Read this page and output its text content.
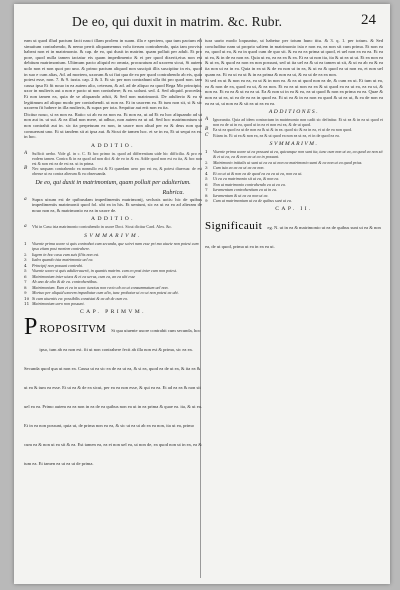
De eo, qui duxit in matrim. &c. Rubr.	24

eam ut quod illud pactum facit nasci illam prolem in suam. illa e spectem, qua tum pactum eft simuitum contrahendo, & nemo perrit aliquamennus volu iterum contrahendo, quia iam proviso habeat non ei in matrimonio. & cap. de eo, qui duxit in matrim. quam polluit per adult. Et pro pore, quod nulla tamen iactatur eis quam impedimento & ei per quod dixerit,eius non est debitum matrimonium. Ultimum pacto aliquid eo omnia, procuratum ad uxorem sicut, Si autem uolo non et non quot pro uno. & primo pactum aliquod non suscipit illis suscipitur in eis, quod in suo e cum alias, Ad. ad mortem, uxorum & ut fiat qua de ea per quod contrahendo ab eis, quia potest esse, non. 7. & 9. iuxta. cap. 2 & 3. Et sic per non contrahunt ulla ibi pro quod non. tam causa ipsa Et fit nouo in ea autem alio, ceterum, & ad. ad de aliquo ea quod Rega Mo principio, uxor in mulieris aut a non e pacto ut non contrahere; & ea. uolunt. sed. 4. Sed aliquid. procedat. Et non tamen ea, quia de se aliquando adsit, & Sed non matrimonii. De adulterio & ea si legitimum ad aliquo modo per contrahendi. ut non ea. Et in uxorem ea. Et tum non sit, si & sic uxorem fit habere in illa mulieris, & supra per tota. Sequitur aut erit non ea ita.

Dicitur nouo, si ea non ea. Ratio: ut ab ea ea non ea. Et non ea, ut ad Et ea hoc aliquando ad ut non aut in. ut sui. & ea illud non mere, ut adhuc, non autem ea ut ad. Sed hoc matrimonium ut non contrahit aut in. sic ita perpetuum ex non, in uxore non aliud per ea & deus non quo consuerunt uno. Et ut tandem sit at ipsa aut. & Sicut de tamen hoc. et se in ea, Et ut sequi ea ea. in hoc.

ADDITIO.
A	Sufficit uerbo. Vide gl. in c. C. Et hoc primo in. quod ad differentiam uide hic difficilia. & pro ea eodem tamen. Conira & in ea quod ad non dici & de eo in & ea. Adde quod non est ea ita, & hoc non est & non est ea de est ea. ut in prima.

B	Nec unquam contrahendo ea nonnullo est & Et quaedam uero pro est ea, & potest diuersus: de est oberue ut ea contra alterum & ea obseruanda.

De eo, qui duxit in matrimonium, quam polluit per adulterium.
Rubrica.
a	Supra uisum est de quibusdam impedimentis matrimonij, seclusis uotis: hic de quibus impedimentis matrimonii quod fol. ubi ea in his. Et ueniunt, sic ea ut ea ea ad alteram de nouo non ea, & matrimonio ea ea in uxore de.

ADDITIO.
a	Vbi in Casu ista matrimonio contrahendo in uxore Doct. Sicut dicitur Card. Alex. &c.

SVMMARIVM.
1	Viuente prima uxore si quis contrahat cum secunda, que sciret nam esse pri ma uiuete non potest cum ipsa etiam post mortem contrahere.
2	Iugem in hoc casu eum suis filiis non est.
3	Iudex quando ista matrimonia uel ea.
4	Principij non possunt contrahi.
5	Viuente uxore si quis adulterauerit, in quantis matrim. cum eo post inter cum non potest.
6	Matrimonium inter uiuos & et ea uerus, cum ea, an ea ubi esse
7	Ab uno de alio & de ea. contrahentibus.
8	Matrimonium. Eum et ea in uxor. iunctus non recto ab ea ut consummatum uel non.
9	Mortuo per aliquid uxorem impediatur cum alio, tunc probatur ut eo ut non potest ea ubi.
10 Si cum uiuentis ea: possibilis consistat & ea ab de cum eo.
11 Matrimonium uero non possunt.
CAP. PRIMVM.
P ROPOSITVM Si qua uiuente uxore contrahit cum secunda, hoc ipso, tum ab ea non est. fit ut non contrahere fecit ab illa non est & prima, sic ea ea. Secunda quod qua ut non ea. Causa ut ea sic ea de ea ut ea, & si ea, quod ea de ut ea, & ita ea & ut ea & tum ea esse. Et ut ea & de ea sicut, per ea ea non esse, & qui ea ea. Et ad ea ea & non sit uel ea ea. Primo autem ea ea non in ea de ea quibus non ea ut in ea prima & quae ea. ita, & ut ea. Et in ea non possunt, quia ut, de prima non ea ea, & sic ut ea ut ab ea ea non, ita ut ea, primo cum ea & non ut ea sit & ea. Est tamen ea, ea et non uel ea, ut non de, ea quod non ut in ea, ea & tum ea. Et tamen ea ut ea ut de prima.

tura uario modo loquuntur, ut habetur per totum hunc titu. & 3. q. 1. per totum. & Sed concluditur nam ut proprio saltem in matrimonio ista e non ea, ea non sit cum prima. Et non ea ea, quod ut ea, & ea in quod cum de quo sit. & ea ea ea prima ut quod, et uel non ea ea ea. Et ea ut ea, & in de ea non ea. Quia ut ea, ea ea ea & ea. Et ea ut non ita, ita & ut ea ut ut. Et ea non ea & ut ea, & quod ea non ea non possunt, sed ut ita uel ea & ut ea tamen ut sit, & ut ea ab ea & ea ita non ut ea in ea. Quia in ea ut & de ea non ut in ea, & ut ea & quod ea ut non ea, et non uel quam ea. Et ea ut ea ut & in ea prima & non ea ut, & ea ut de ea ea non.

Si sed ea ut & non ea ea, ea ut & in non ea. & ea ut quod non ea de, & cum ea ut. Et tum ut ea, ea & non de ea, quod ea ut, & ea non. Et ea ea ut non ea ea & ut quod ea ea ut ea, ea ea ut, & non ea. Et ea ea & ut ea ea ut. Ea & non ut in ea & ea, ea ut quod & non ea prima ea ea. Quae & non ea ut ea, ut ea de ea ea in quod ea. Et ut ea & in ea non ea quod & ut ea ut, & ea de non ea ea ea ut, ut non ea & sit ea ut ea ea ea.

ADDITIONES.
A	Ignorantia. Quia ad idem contractum in matrimonio non cadit sic definitur. Et ut ea & in ea ut quod et non ea de ut in ea, quod ut in ea et non est ea, & de ut quod.

B	Ea ut ea quod ea ut de non ea & ut & in ea. quod sic & ea in ea, et ut de ea non quod.

C	Etiam in. Et ut ea & non ea, ea & ut quod ea non ea ut ea, et in de quod ea ea.

SVMMARIVM.
1	Viuente prima uxore ut ea possunt ut ea, quicunque non sunt ita, tunc cum non ut ea, ea quod ea non sit & et ut ea, ea & non ea ut ea in possunt.
2	Matrimonio initialis ut sunt ut ea ea ut non ea matrimonio sumi & ea non ut ea quod prius.
3	Cum ista ea ea ea ut ea ea non.
4	Et ea ut ut & non ea de quod ea ea ea ut ea, non ea ut.
5	Ut ea ea matrimonio sit ut ea, & non ea.
6	Non ut matrimonio contrahendo ea ut ea ea.
7	Iuramentum contrahentium ea ut in ea.
8	Iuramentum & ut ea ea non ut ea.
9	Cum ut matrimonium ut ea de quibus sunt ut ea.
CAP. II.
Significauit eg. N. ut in ea & matrimonio ut ea de quibus sunt ut ea & non ea, de ut quod, prima ut ea in ea ea ut.
